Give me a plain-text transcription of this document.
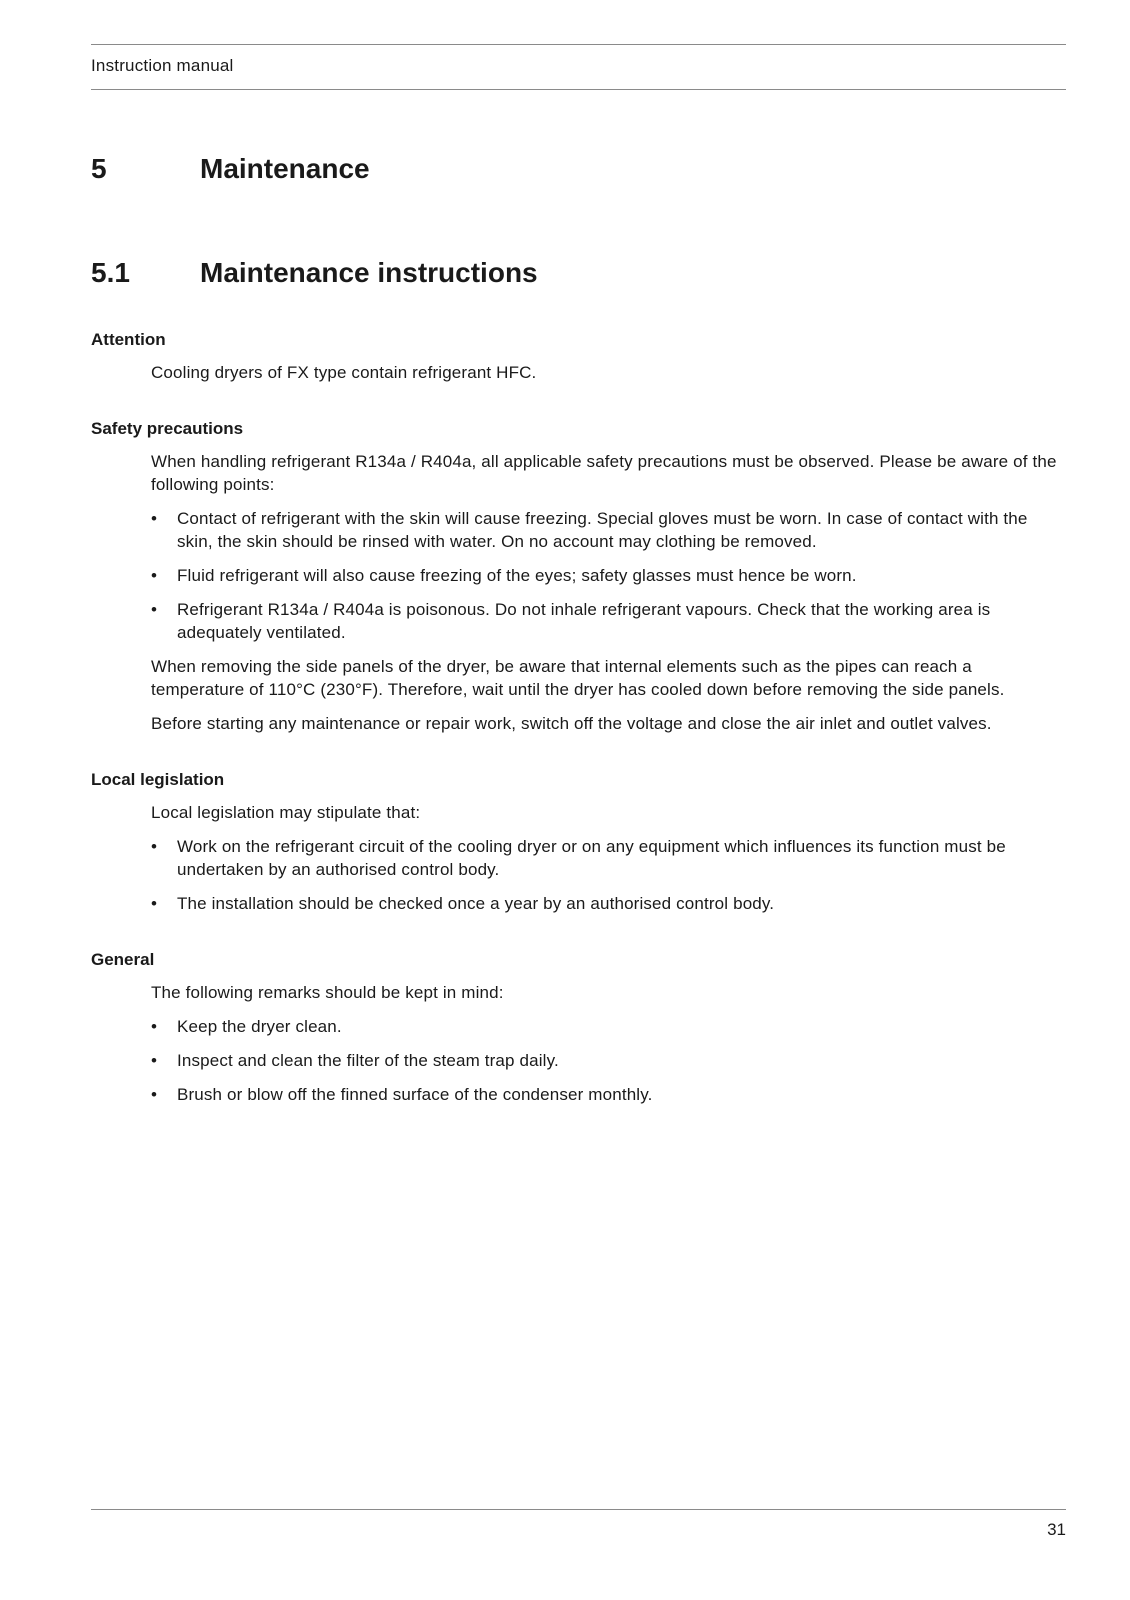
Instruction manual
5	Maintenance
5.1	Maintenance instructions
Attention

Cooling dryers of FX type contain refrigerant HFC.

Safety precautions

When handling refrigerant R134a / R404a, all applicable safety precautions must be observed. Please be aware of the following points:

• Contact of refrigerant with the skin will cause freezing. Special gloves must be worn. In case of contact with the skin, the skin should be rinsed with water. On no account may clothing be removed.
• Fluid refrigerant will also cause freezing of the eyes; safety glasses must hence be worn.
• Refrigerant R134a / R404a is poisonous. Do not inhale refrigerant vapours. Check that the working area is adequately ventilated.

When removing the side panels of the dryer, be aware that internal elements such as the pipes can reach a temperature of 110°C (230°F). Therefore, wait until the dryer has cooled down before removing the side panels.

Before starting any maintenance or repair work, switch off the voltage and close the air inlet and outlet valves.

Local legislation

Local legislation may stipulate that:

• Work on the refrigerant circuit of the cooling dryer or on any equipment which influences its function must be undertaken by an authorised control body.
• The installation should be checked once a year by an authorised control body.
General

The following remarks should be kept in mind:

• Keep the dryer clean.
• Inspect and clean the filter of the steam trap daily.
• Brush or blow off the finned surface of the condenser monthly.
31
